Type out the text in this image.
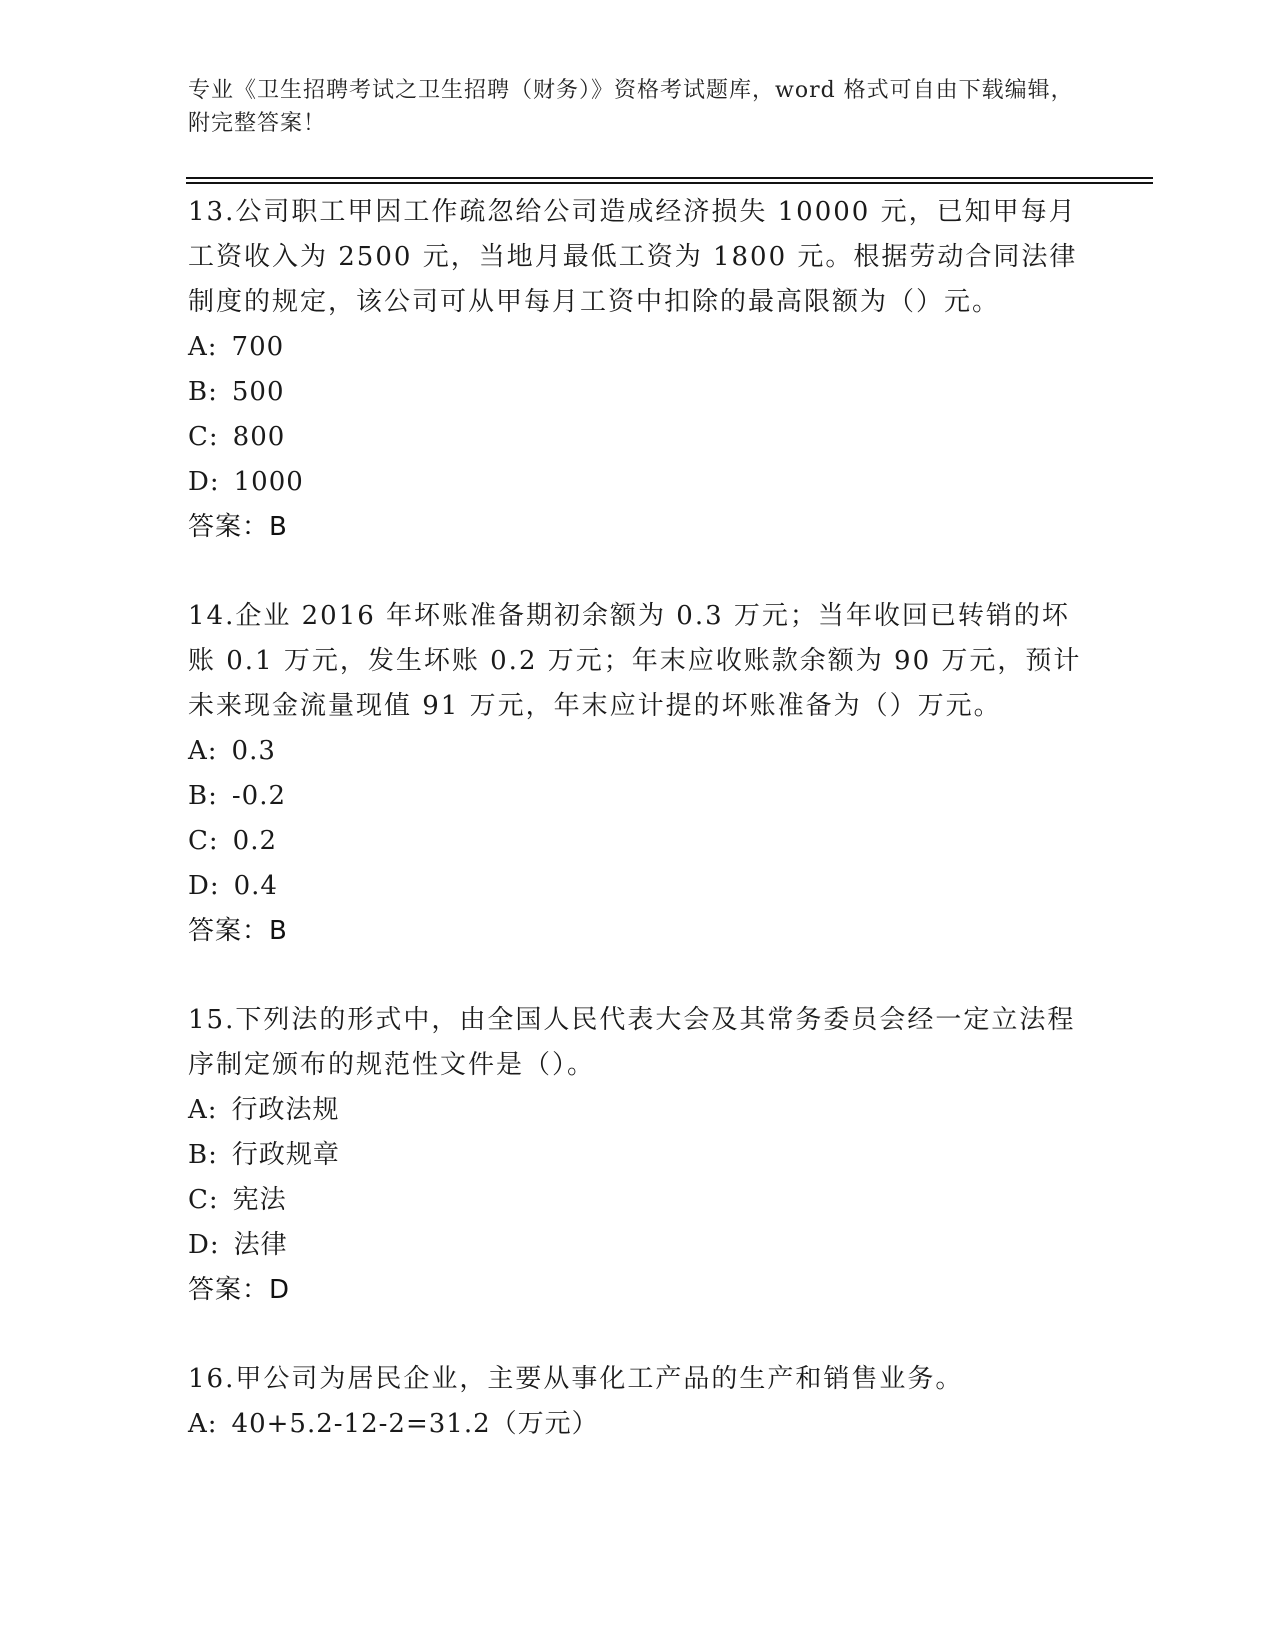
专业《卫生招聘考试之卫生招聘（财务）》资格考试题库，word 格式可自由下载编辑，附完整答案！
13.公司职工甲因工作疏忽给公司造成经济损失 10000 元，已知甲每月工资收入为 2500 元，当地月最低工资为 1800 元。根据劳动合同法律制度的规定，该公司可从甲每月工资中扣除的最高限额为（）元。
A: 700
B: 500
C: 800
D: 1000
答案：B
14.企业 2016 年坏账准备期初余额为 0.3 万元；当年收回已转销的坏账 0.1 万元，发生坏账 0.2 万元；年末应收账款余额为 90 万元，预计未来现金流量现值 91 万元，年末应计提的坏账准备为（）万元。
A: 0.3
B: -0.2
C: 0.2
D: 0.4
答案：B
15.下列法的形式中，由全国人民代表大会及其常务委员会经一定立法程序制定颁布的规范性文件是（）。
A: 行政法规
B: 行政规章
C: 宪法
D: 法律
答案：D
16.甲公司为居民企业，主要从事化工产品的生产和销售业务。
A: 40+5.2-12-2=31.2（万元）
